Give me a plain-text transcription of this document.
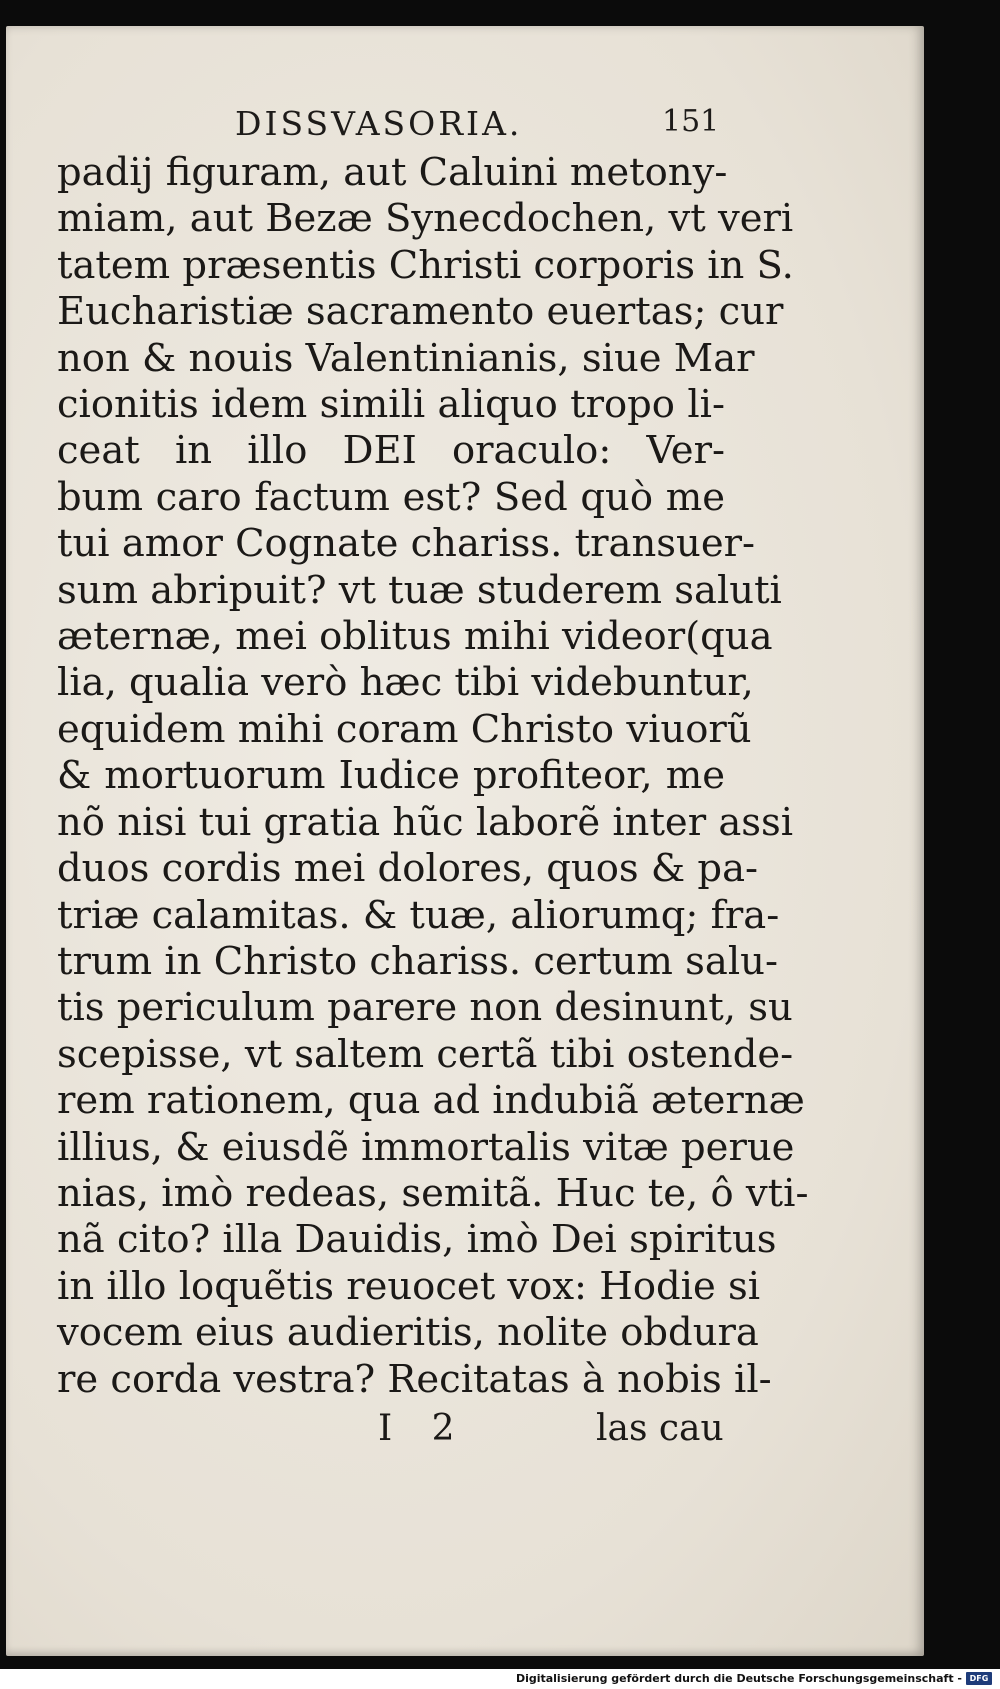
DISSVASORIA.	151
padij figuram, aut Caluini metony-
miam, aut Bezæ Synecdochen, vt veri
tatem præsentis Christi corporis in S.
Eucharistiæ sacramento euertas; cur
non & nouis Valentinianis, siue Mar
cionitis idem simili aliquo tropo li-
ceat in illo DEI oraculo: Ver-
bum caro factum est? Sed quò me
tui amor Cognate chariss. transuer-
sum abripuit? vt tuæ studerem saluti
æternæ, mei oblitus mihi videor(qua
lia, qualia verò hæc tibi videbuntur,
equidem mihi coram Christo viuorũ
& mortuorum Iudice profiteor, me
nõ nisi tui gratia hũc laborẽ inter assi
duos cordis mei dolores, quos & pa-
triæ calamitas. & tuæ, aliorumq; fra-
trum in Christo chariss. certum salu-
tis periculum parere non desinunt, su
scepisse, vt saltem certã tibi ostende-
rem rationem, qua ad indubiã æternæ
illius, & eiusdẽ immortalis vitæ perue
nias, imò redeas, semitã. Huc te, ô vti-
nã cito? illa Dauidis, imò Dei spiritus
in illo loquẽtis reuocet vox: Hodie si
vocem eius audieritis, nolite obdura
re corda vestra? Recitatas à nobis il-
I 2	las cau
Digitalisierung gefördert durch die Deutsche Forschungsgemeinschaft - DFG
